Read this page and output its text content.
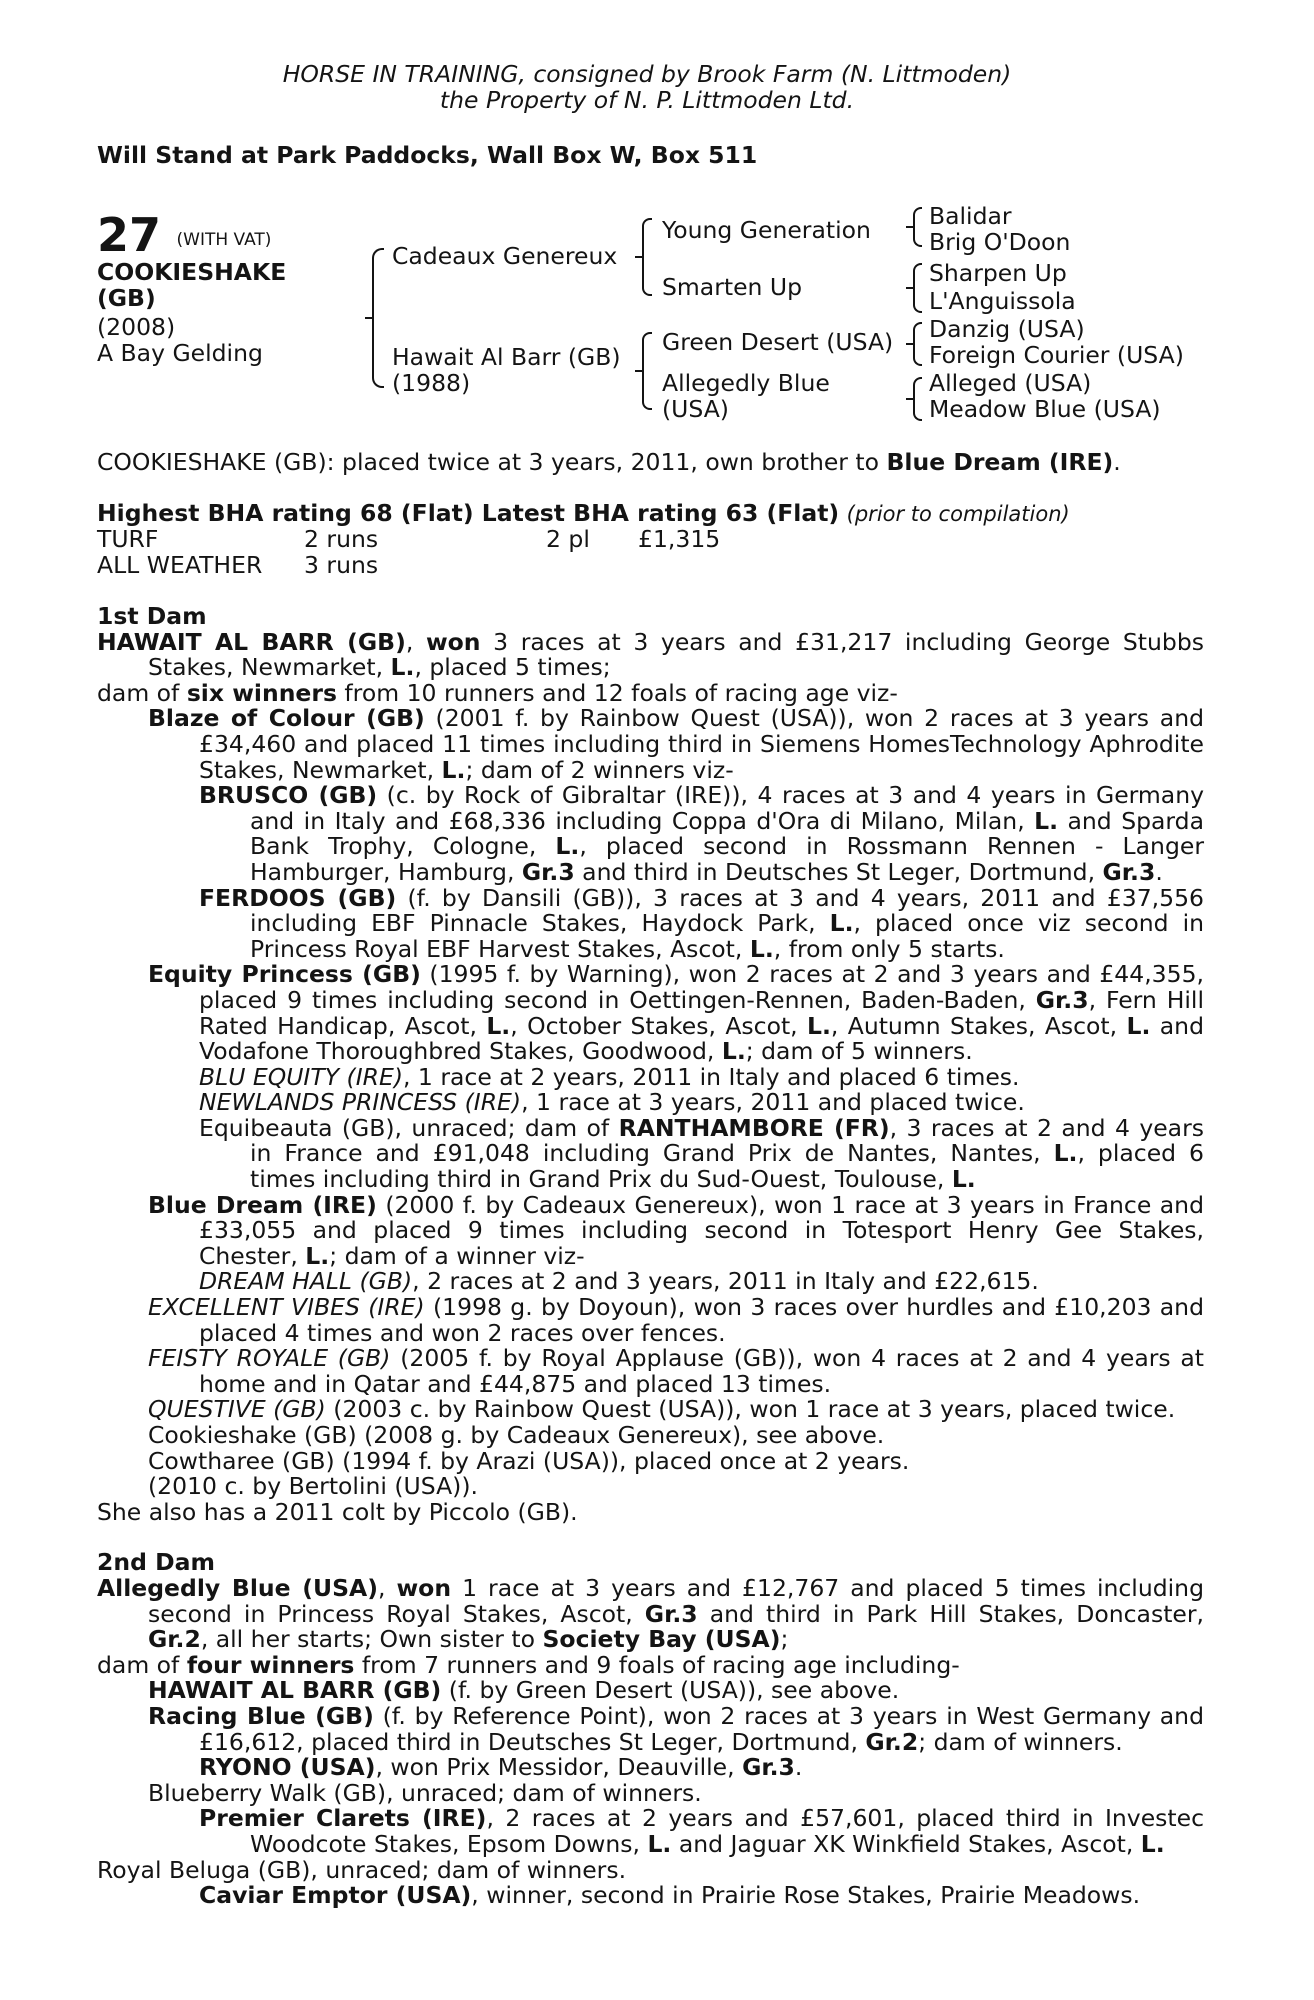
HORSE IN TRAINING, consigned by Brook Farm (N. Littmoden)
the Property of N. P. Littmoden Ltd.
Will Stand at Park Paddocks, Wall Box W, Box 511
27 $^{(WITH VAT)}$
COOKIESHAKE
(GB)
(2008)
A Bay Gelding
Cadeaux Genereux
Hawait Al Barr (GB)
(1988)
Young Generation
Smarten Up
Green Desert (USA)
Allegedly Blue
(USA)
Balidar
Brig O'Doon
Sharpen Up
L'Anguissola
Danzig (USA)
Foreign Courier (USA)
Alleged (USA)
Meadow Blue (USA)
COOKIESHAKE (GB): placed twice at 3 years, 2011, own brother to Blue Dream (IRE).
Highest BHA rating 68 (Flat) Latest BHA rating 63 (Flat) (prior to compilation)
TURF	2 runs	2 pl £1,315
ALL WEATHER 3 runs
1st Dam
HAWAIT AL BARR (GB), won 3 races at 3 years and £31,217 including George Stubbs Stakes, Newmarket, L., placed 5 times;
dam of six winners from 10 runners and 12 foals of racing age viz-
Blaze of Colour (GB) (2001 f. by Rainbow Quest (USA)), won 2 races at 3 years and £34,460 and placed 11 times including third in Siemens HomesTechnology Aphrodite Stakes, Newmarket, L.; dam of 2 winners viz-
BRUSCO (GB) (c. by Rock of Gibraltar (IRE)), 4 races at 3 and 4 years in Germany and in Italy and £68,336 including Coppa d'Ora di Milano, Milan, L. and Sparda Bank Trophy, Cologne, L., placed second in Rossmann Rennen - Langer Hamburger, Hamburg, Gr.3 and third in Deutsches St Leger, Dortmund, Gr.3.
FERDOOS (GB) (f. by Dansili (GB)), 3 races at 3 and 4 years, 2011 and £37,556 including EBF Pinnacle Stakes, Haydock Park, L., placed once viz second in Princess Royal EBF Harvest Stakes, Ascot, L., from only 5 starts.
Equity Princess (GB) (1995 f. by Warning), won 2 races at 2 and 3 years and £44,355, placed 9 times including second in Oettingen-Rennen, Baden-Baden, Gr.3, Fern Hill Rated Handicap, Ascot, L., October Stakes, Ascot, L., Autumn Stakes, Ascot, L. and Vodafone Thoroughbred Stakes, Goodwood, L.; dam of 5 winners.
BLU EQUITY (IRE), 1 race at 2 years, 2011 in Italy and placed 6 times.
NEWLANDS PRINCESS (IRE), 1 race at 3 years, 2011 and placed twice.
Equibeauta (GB), unraced; dam of RANTHAMBORE (FR), 3 races at 2 and 4 years in France and £91,048 including Grand Prix de Nantes, Nantes, L., placed 6 times including third in Grand Prix du Sud-Ouest, Toulouse, L.
Blue Dream (IRE) (2000 f. by Cadeaux Genereux), won 1 race at 3 years in France and £33,055 and placed 9 times including second in Totesport Henry Gee Stakes, Chester, L.; dam of a winner viz-
DREAM HALL (GB), 2 races at 2 and 3 years, 2011 in Italy and £22,615.
EXCELLENT VIBES (IRE) (1998 g. by Doyoun), won 3 races over hurdles and £10,203 and placed 4 times and won 2 races over fences.
FEISTY ROYALE (GB) (2005 f. by Royal Applause (GB)), won 4 races at 2 and 4 years at home and in Qatar and £44,875 and placed 13 times.
QUESTIVE (GB) (2003 c. by Rainbow Quest (USA)), won 1 race at 3 years, placed twice.
Cookieshake (GB) (2008 g. by Cadeaux Genereux), see above.
Cowtharee (GB) (1994 f. by Arazi (USA)), placed once at 2 years.
(2010 c. by Bertolini (USA)).
She also has a 2011 colt by Piccolo (GB).
2nd Dam
Allegedly Blue (USA), won 1 race at 3 years and £12,767 and placed 5 times including second in Princess Royal Stakes, Ascot, Gr.3 and third in Park Hill Stakes, Doncaster, Gr.2, all her starts; Own sister to Society Bay (USA);
dam of four winners from 7 runners and 9 foals of racing age including-
HAWAIT AL BARR (GB) (f. by Green Desert (USA)), see above.
Racing Blue (GB) (f. by Reference Point), won 2 races at 3 years in West Germany and £16,612, placed third in Deutsches St Leger, Dortmund, Gr.2; dam of winners.
RYONO (USA), won Prix Messidor, Deauville, Gr.3.
Blueberry Walk (GB), unraced; dam of winners.
Premier Clarets (IRE), 2 races at 2 years and £57,601, placed third in Investec Woodcote Stakes, Epsom Downs, L. and Jaguar XK Winkfield Stakes, Ascot, L.
Royal Beluga (GB), unraced; dam of winners.
Caviar Emptor (USA), winner, second in Prairie Rose Stakes, Prairie Meadows.
